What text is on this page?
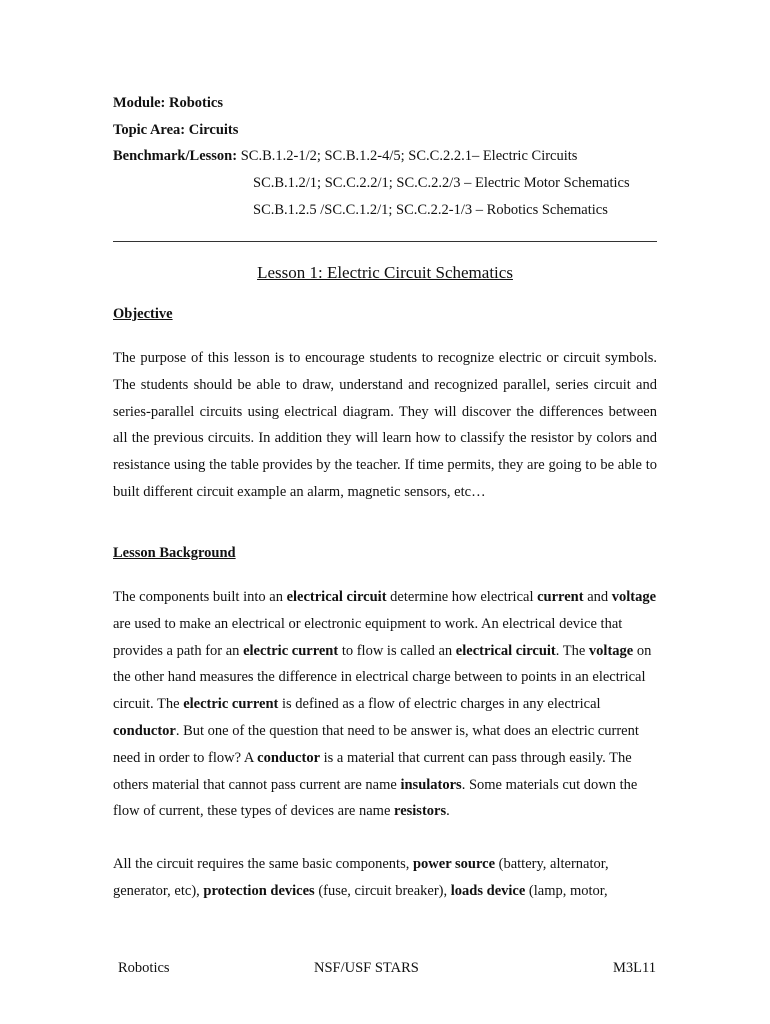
Module: Robotics
Topic Area: Circuits
Benchmark/Lesson: SC.B.1.2-1/2; SC.B.1.2-4/5; SC.C.2.2.1– Electric Circuits
SC.B.1.2/1; SC.C.2.2/1; SC.C.2.2/3 – Electric Motor Schematics
SC.B.1.2.5 /SC.C.1.2/1; SC.C.2.2-1/3 – Robotics Schematics
Lesson 1: Electric Circuit Schematics
Objective
The purpose of this lesson is to encourage students to recognize electric or circuit symbols. The students should be able to draw, understand and recognized parallel, series circuit and series-parallel circuits using electrical diagram. They will discover the differences between all the previous circuits. In addition they will learn how to classify the resistor by colors and resistance using the table provides by the teacher. If time permits, they are going to be able to built different circuit example an alarm, magnetic sensors, etc…
Lesson Background
The components built into an electrical circuit determine how electrical current and voltage are used to make an electrical or electronic equipment to work. An electrical device that provides a path for an electric current to flow is called an electrical circuit. The voltage on the other hand measures the difference in electrical charge between to points in an electrical circuit. The electric current is defined as a flow of electric charges in any electrical conductor. But one of the question that need to be answer is, what does an electric current need in order to flow? A conductor is a material that current can pass through easily. The others material that cannot pass current are name insulators. Some materials cut down the flow of current, these types of devices are name resistors.
All the circuit requires the same basic components, power source (battery, alternator, generator, etc), protection devices (fuse, circuit breaker), loads device (lamp, motor,
Robotics	NSF/USF STARS	M3L11
